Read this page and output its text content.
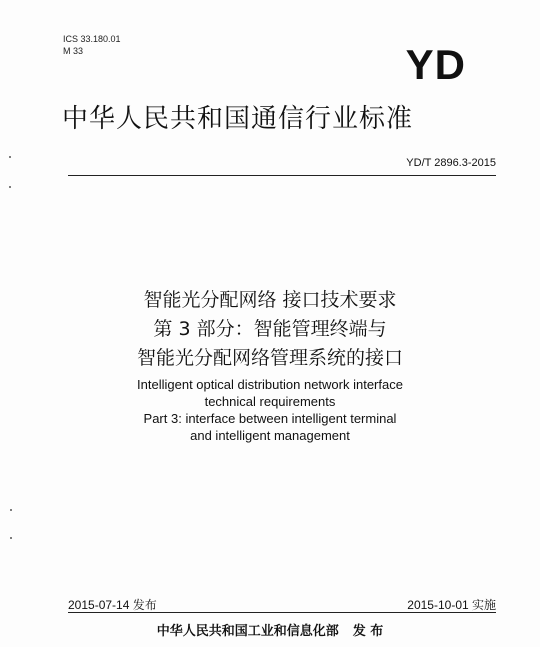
ICS 33.180.01
M 33	YD
中华人民共和国通信行业标准
YD/T 2896.3-2015
智能光分配网络 接口技术要求
第 3 部分：智能管理终端与
智能光分配网络管理系统的接口
Intelligent optical distribution network interface
technical requirements
Part 3: interface between intelligent terminal
and intelligent management
2015-07-14 发布	2015-10-01 实施
中华人民共和国工业和信息化部 发 布
